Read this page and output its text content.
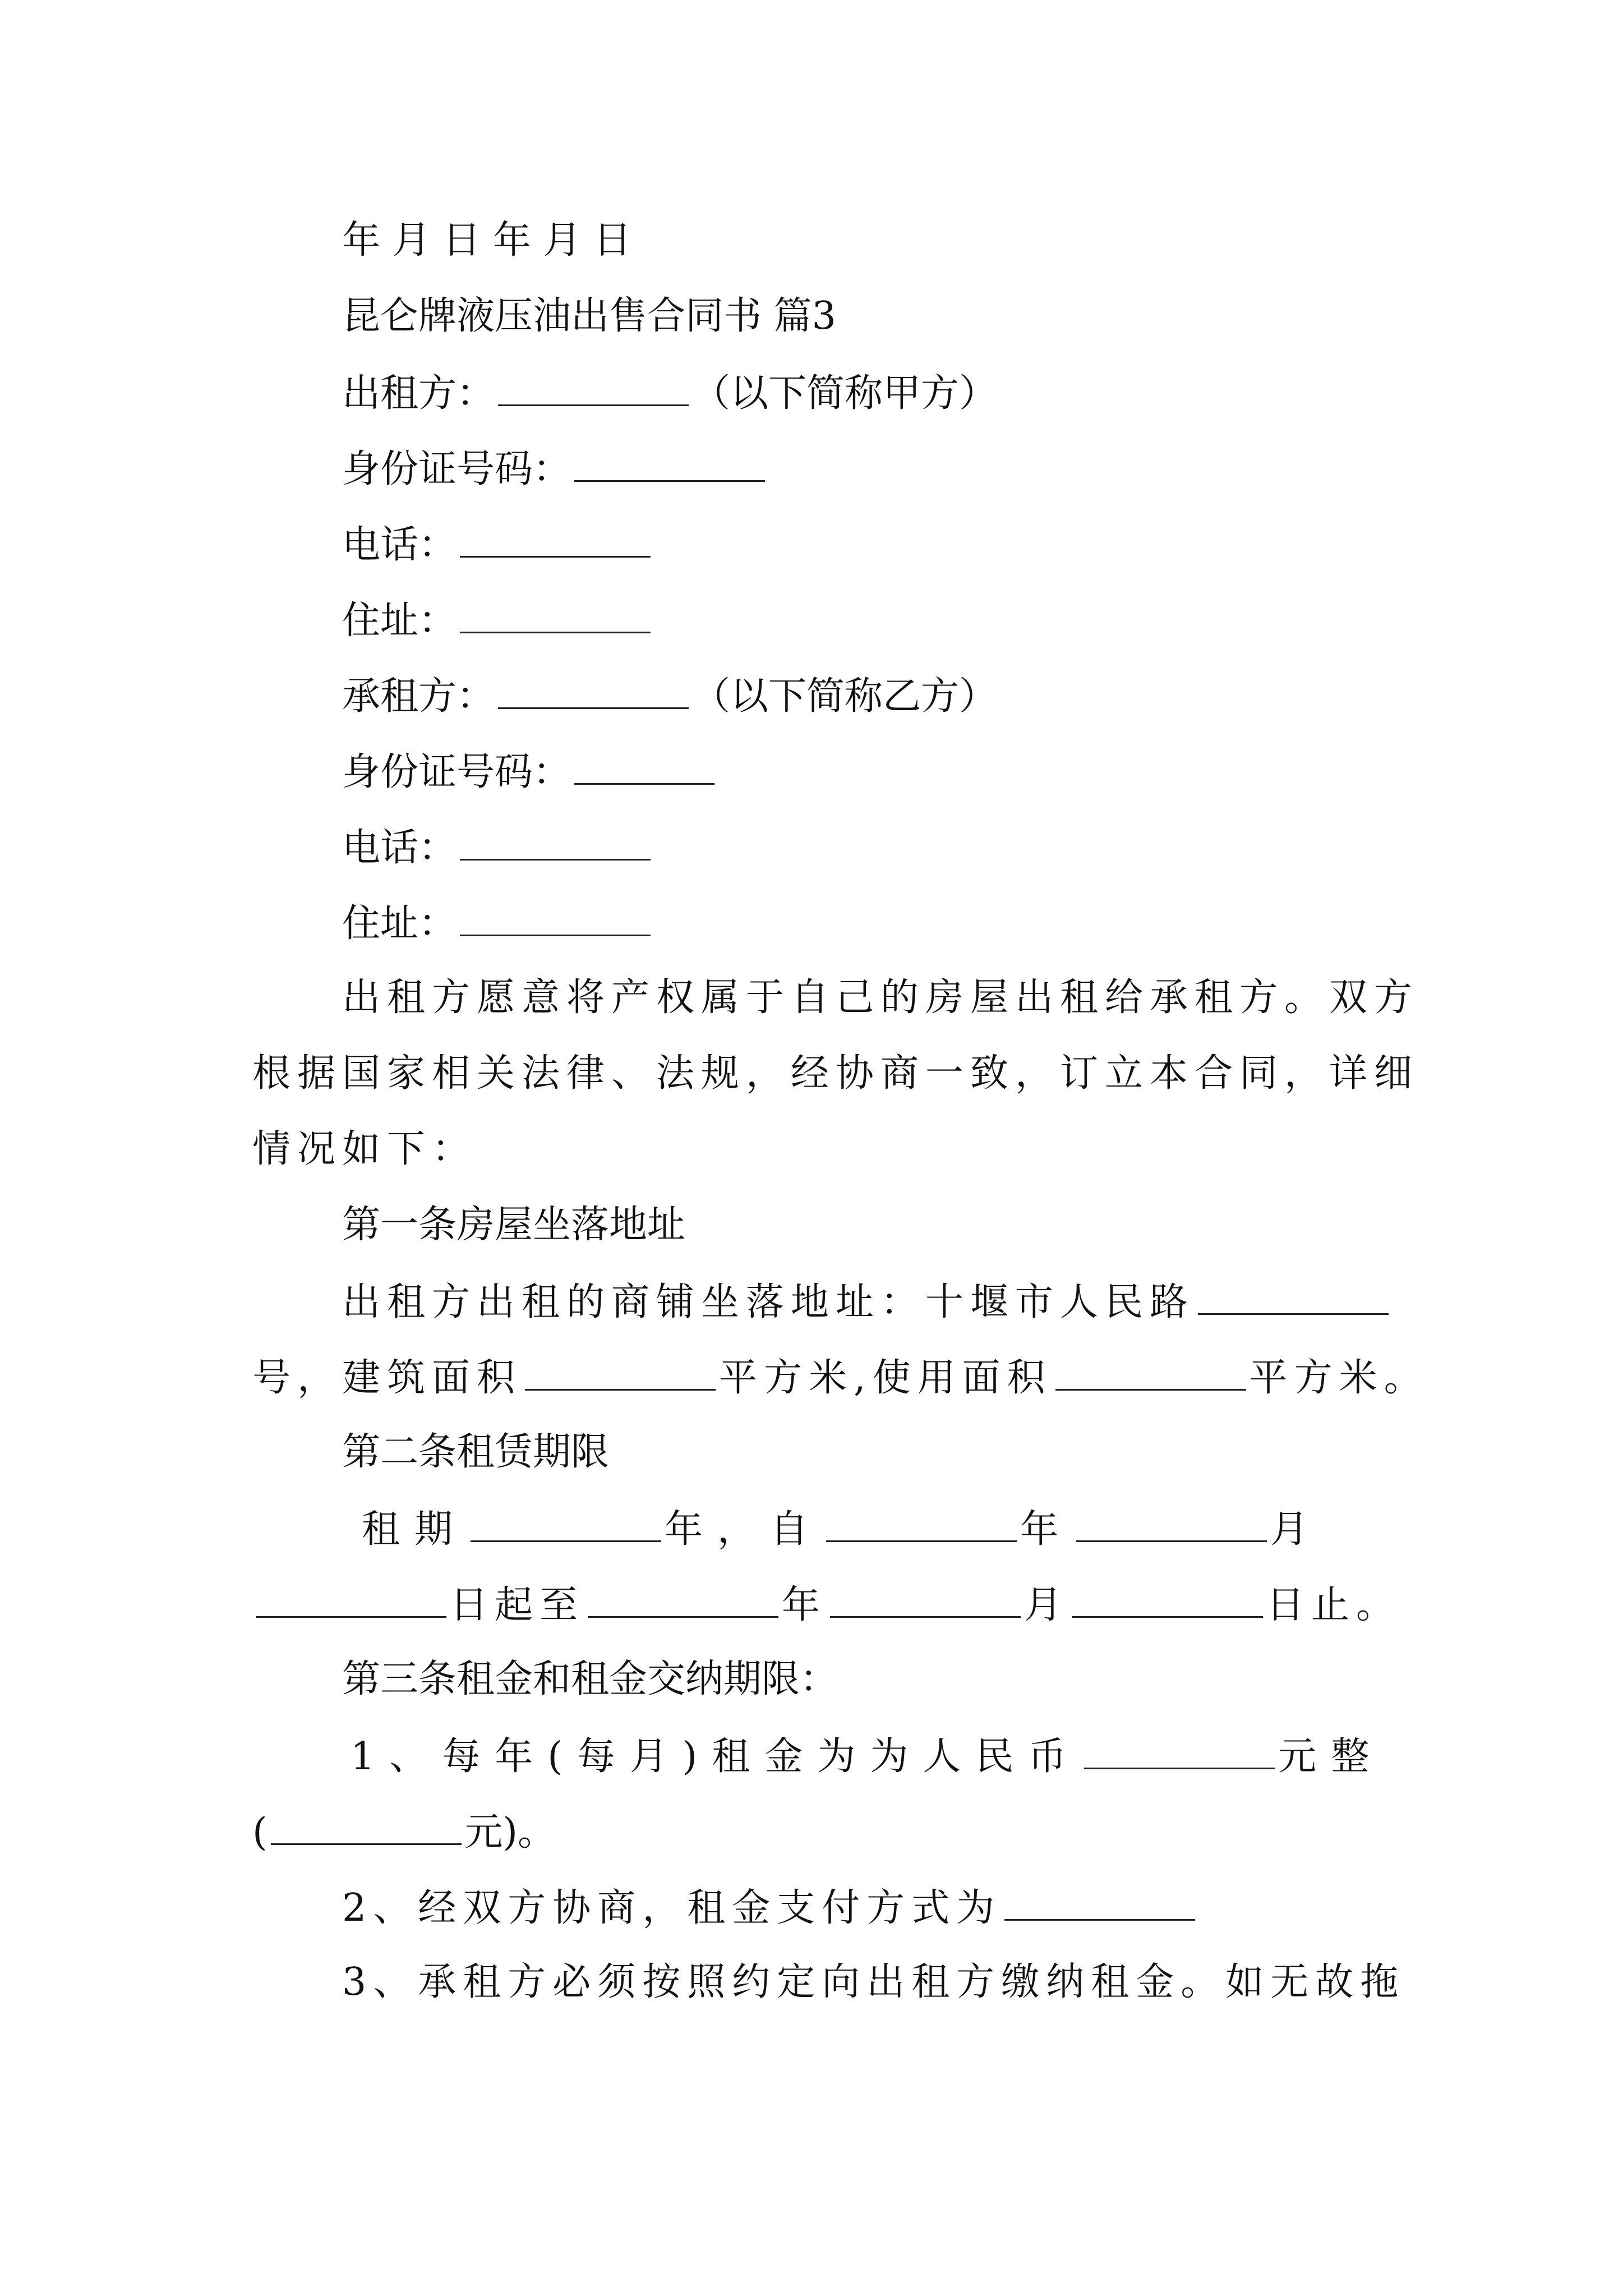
年 月 日 年 月 日
昆仑牌液压油出售合同书 篇3
出租方：	（以下简称甲方）
身份证号码：
电话：
住址：
承租方：	（以下简称乙方）
身份证号码：
电话：
住址：
出租方愿意将产权属于自己的房屋出租给承租方。双方
根据国家相关法律、法规，经协商一致，订立本合同，详细
情况如下：
第一条房屋坐落地址
出租方出租的商铺坐落地址：十堰市人民路
号，建筑面积	平方米,使用面积	平方米。
第二条租赁期限
租期	年，自	年	月
日起至	年	月	日止。
第三条租金和租金交纳期限：
1、每年(每月)租金为为人民币	元整
(	元)。
2、经双方协商，租金支付方式为
3、承租方必须按照约定向出租方缴纳租金。如无故拖
